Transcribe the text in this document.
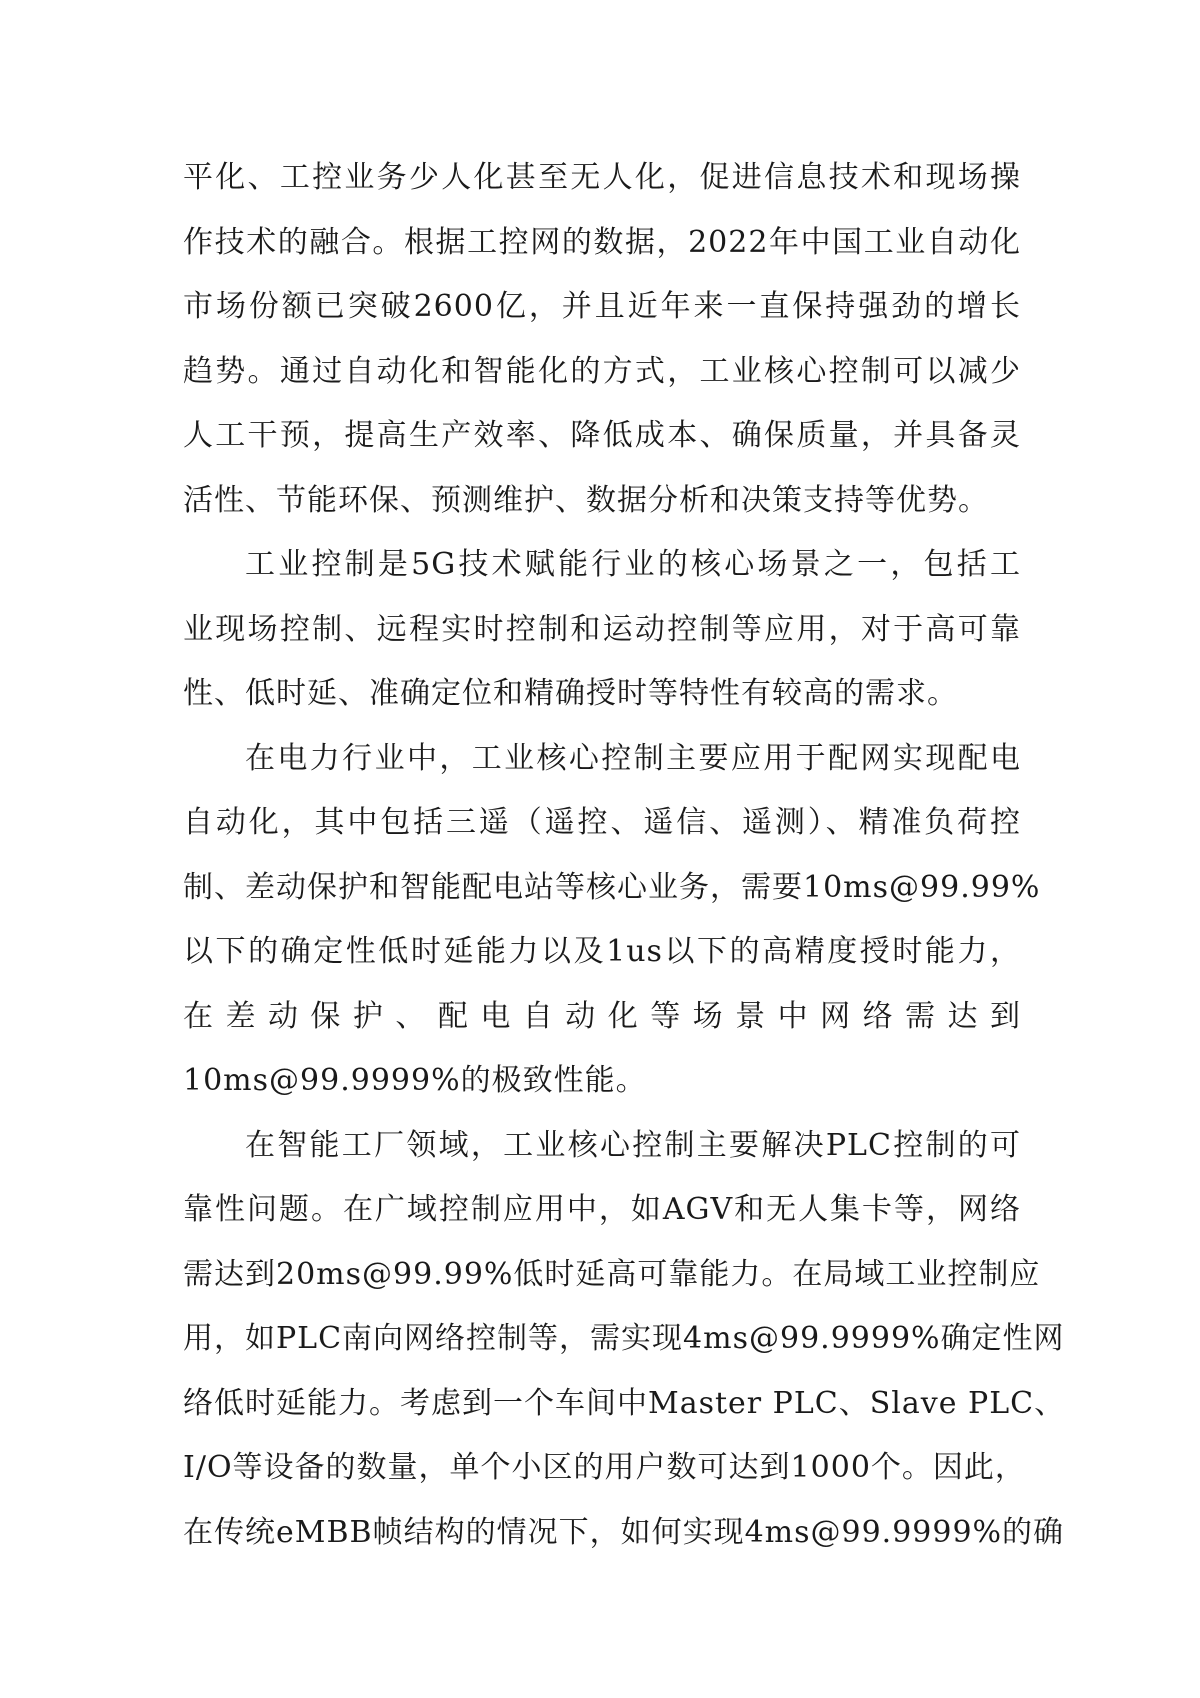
平化、工控业务少人化甚至无人化，促进信息技术和现场操
作技术的融合。根据工控网的数据，2022年中国工业自动化
市场份额已突破2600亿，并且近年来一直保持强劲的增长
趋势。通过自动化和智能化的方式，工业核心控制可以减少
人工干预，提高生产效率、降低成本、确保质量，并具备灵
活性、节能环保、预测维护、数据分析和决策支持等优势。
工业控制是5G技术赋能行业的核心场景之一，包括工
业现场控制、远程实时控制和运动控制等应用，对于高可靠
性、低时延、准确定位和精确授时等特性有较高的需求。
在电力行业中，工业核心控制主要应用于配网实现配电
自动化，其中包括三遥（遥控、遥信、遥测）、精准负荷控
制、差动保护和智能配电站等核心业务，需要10ms@99.99%
以下的确定性低时延能力以及1us以下的高精度授时能力，
在差动保护、配电自动化等场景中网络需达到
10ms@99.9999%的极致性能。
在智能工厂领域，工业核心控制主要解决PLC控制的可
靠性问题。在广域控制应用中，如AGV和无人集卡等，网络
需达到20ms@99.99%低时延高可靠能力。在局域工业控制应
用，如PLC南向网络控制等，需实现4ms@99.9999%确定性网
络低时延能力。考虑到一个车间中Master PLC、Slave PLC、
I/O等设备的数量，单个小区的用户数可达到1000个。因此，
在传统eMBB帧结构的情况下，如何实现4ms@99.9999%的确
